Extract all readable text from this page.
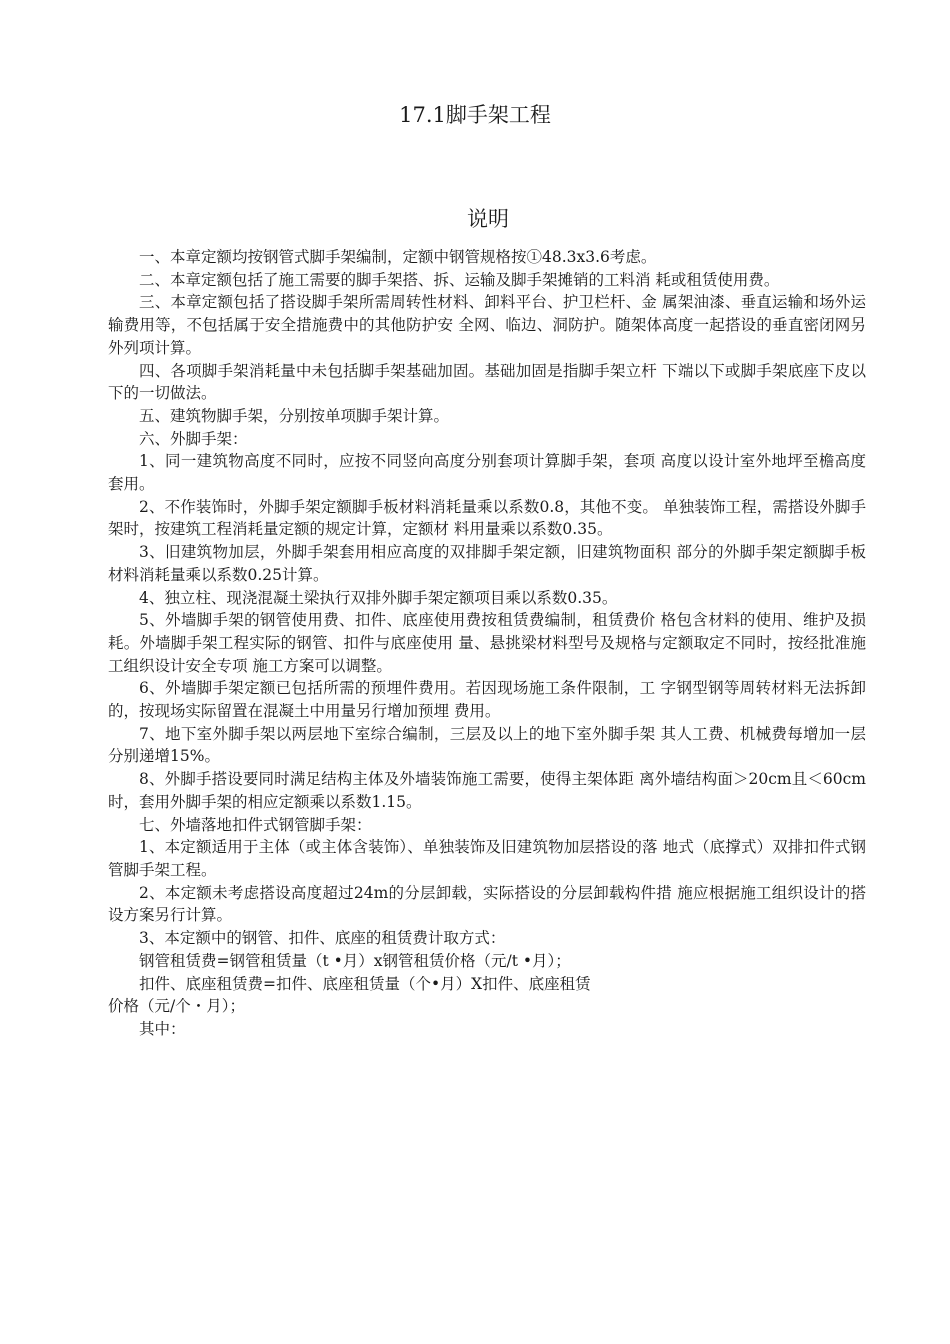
17.1脚手架工程
说明

一、本章定额均按钢管式脚手架编制，定额中钢管规格按①48.3x3.6考虑。

二、本章定额包括了施工需要的脚手架搭、拆、运输及脚手架摊销的工料消 耗或租赁使用费。

三、本章定额包括了搭设脚手架所需周转性材料、卸料平台、护卫栏杆、金 属架油漆、垂直运输和场外运输费用等，不包括属于安全措施费中的其他防护安 全网、临边、洞防护。随架体高度一起搭设的垂直密闭网另外列项计算。

四、各项脚手架消耗量中未包括脚手架基础加固。基础加固是指脚手架立杆 下端以下或脚手架底座下皮以下的一切做法。

五、建筑物脚手架，分别按单项脚手架计算。

六、外脚手架：

1、同一建筑物高度不同时，应按不同竖向高度分别套项计算脚手架，套项 高度以设计室外地坪至檐高度套用。

2、不作装饰时，外脚手架定额脚手板材料消耗量乘以系数0.8，其他不变。 单独装饰工程，需搭设外脚手架时，按建筑工程消耗量定额的规定计算，定额材 料用量乘以系数0.35。

3、旧建筑物加层，外脚手架套用相应高度的双排脚手架定额，旧建筑物面积 部分的外脚手架定额脚手板材料消耗量乘以系数0.25计算。

4、独立柱、现浇混凝土梁执行双排外脚手架定额项目乘以系数0.35。

5、外墙脚手架的钢管使用费、扣件、底座使用费按租赁费编制，租赁费价 格包含材料的使用、维护及损耗。外墙脚手架工程实际的钢管、扣件与底座使用 量、悬挑梁材料型号及规格与定额取定不同时，按经批准施工组织设计安全专项 施工方案可以调整。

6、外墙脚手架定额已包括所需的预埋件费用。若因现场施工条件限制，工 字钢型钢等周转材料无法拆卸的，按现场实际留置在混凝土中用量另行增加预埋 费用。

7、地下室外脚手架以两层地下室综合编制，三层及以上的地下室外脚手架 其人工费、机械费每增加一层分别递增15%。

8、外脚手搭设要同时满足结构主体及外墙装饰施工需要，使得主架体距 离外墙结构面＞20cm且＜60cm时，套用外脚手架的相应定额乘以系数1.15。

七、外墙落地扣件式钢管脚手架：

1、本定额适用于主体（或主体含装饰）、单独装饰及旧建筑物加层搭设的落 地式（底撑式）双排扣件式钢管脚手架工程。

2、本定额未考虑搭设高度超过24m的分层卸载，实际搭设的分层卸载构件措 施应根据施工组织设计的搭设方案另行计算。

3、本定额中的钢管、扣件、底座的租赁费计取方式：

钢管租赁费=钢管租赁量（t •月）x钢管租赁价格（元/t •月）；

扣件、底座租赁费=扣件、底座租赁量（个•月）X扣件、底座租赁

价格（元/个・月）；

其中：
